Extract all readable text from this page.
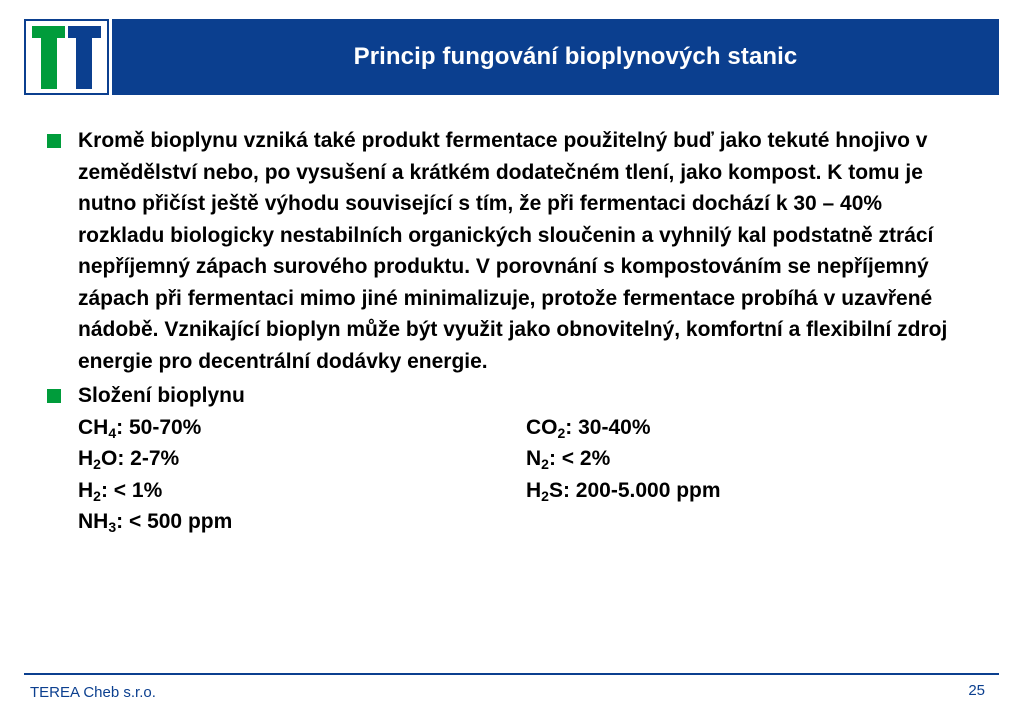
Princip fungování bioplynových stanic
Kromě bioplynu vzniká také produkt fermentace použitelný buď jako tekuté hnojivo v zemědělství nebo, po vysušení a krátkém dodatečném tlení, jako kompost. K tomu je nutno přičíst ještě výhodu související s tím, že při fermentaci dochází k 30 – 40% rozkladu biologicky nestabilních organických sloučenin a vyhnilý kal podstatně ztrácí nepříjemný zápach surového produktu. V porovnání s kompostováním se nepříjemný zápach při fermentaci mimo jiné minimalizuje, protože fermentace probíhá v uzavřené nádobě. Vznikající bioplyn může být využit jako obnovitelný, komfortní a flexibilní zdroj energie pro decentrální dodávky energie.
Složení bioplynu
$CH_4$: 50-70%	$CO_2$: 30-40%
$H_2O$: 2-7%	$N_2$: < 2%
$H_2$: < 1%	$H_2S$: 200-5.000 ppm
$NH_3$: < 500 ppm
TEREA Cheb s.r.o.	25
